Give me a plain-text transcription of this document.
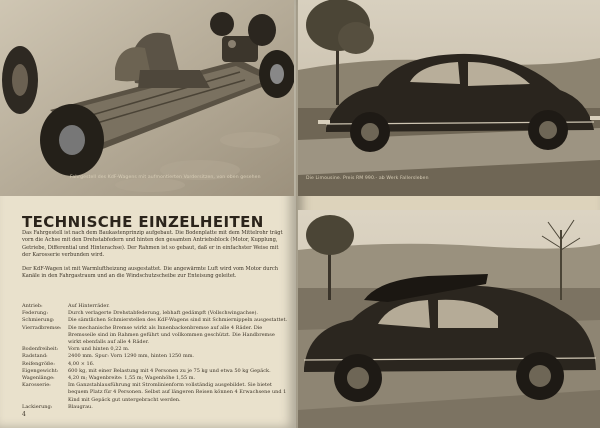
Fahrgestell des KdF-Wagens mit aufmontierten Vordersitzen, von oben gesehen
TECHNISCHE EINZELHEITEN
Das Fahrgestell ist nach dem Baukastenprinzip aufgebaut. Die Bodenplatte mit dem Mittelrohr trägt vorn die Achse mit den Drehstabfedern und hinten den gesamten Antriebsblock (Motor, Kupplung, Getriebe, Differential und Hinterachse). Der Rahmen ist so gebaut, daß er in einfachster Weise mit der Karosserie verbunden wird.
Der KdF-Wagen ist mit Warmluftheizung ausgestattet. Die angewärmte Luft wird vom Motor durch Kanäle in den Fahrgastraum und an die Windschutzscheibe zur Enteisung geleitet.
Antrieb:	Auf Hinterräder.
Federung:	Durch verlagerte Drehstabfederung, lebhaft gedämpft (Vollschwingachse).
Schmierung:	Die sämtlichen Schmierstellen des KdF-Wagens sind mit Schmiernippeln ausgestattet.
Vierradbremse:	Die mechanische Bremse wirkt als Innenbackenbremse auf alle 4 Räder. Die Bremsseile sind im Rahmen geführt und vollkommen geschützt. Die Handbremse wirkt ebenfalls auf alle 4 Räder.
Bodenfreiheit:	Vorn und hinten 0,22 m.
Radstand:	2400 mm. Spur: Vorn 1290 mm, hinten 1250 mm.
Reifengröße:	4,00 × 16.
Eigengewicht:	600 kg, mit einer Belastung mit 4 Personen zu je 75 kg und etwa 50 kg Gepäck.
Wagenlänge:	4,20 m; Wagenbreite: 1,55 m; Wagenhöhe 1,55 m.
Karosserie:	Im Ganzstahlausführung mit Stromlinienform vollständig ausgebildet. Sie bietet bequem Platz für 4 Personen. Selbst auf längeren Reisen können 4 Erwachsene und 1 Kind mit Gepäck gut untergebracht werden.
Lackierung:	Blaugrau.
4
Die Limousine. Preis RM 990.- ab Werk Fallersleben
